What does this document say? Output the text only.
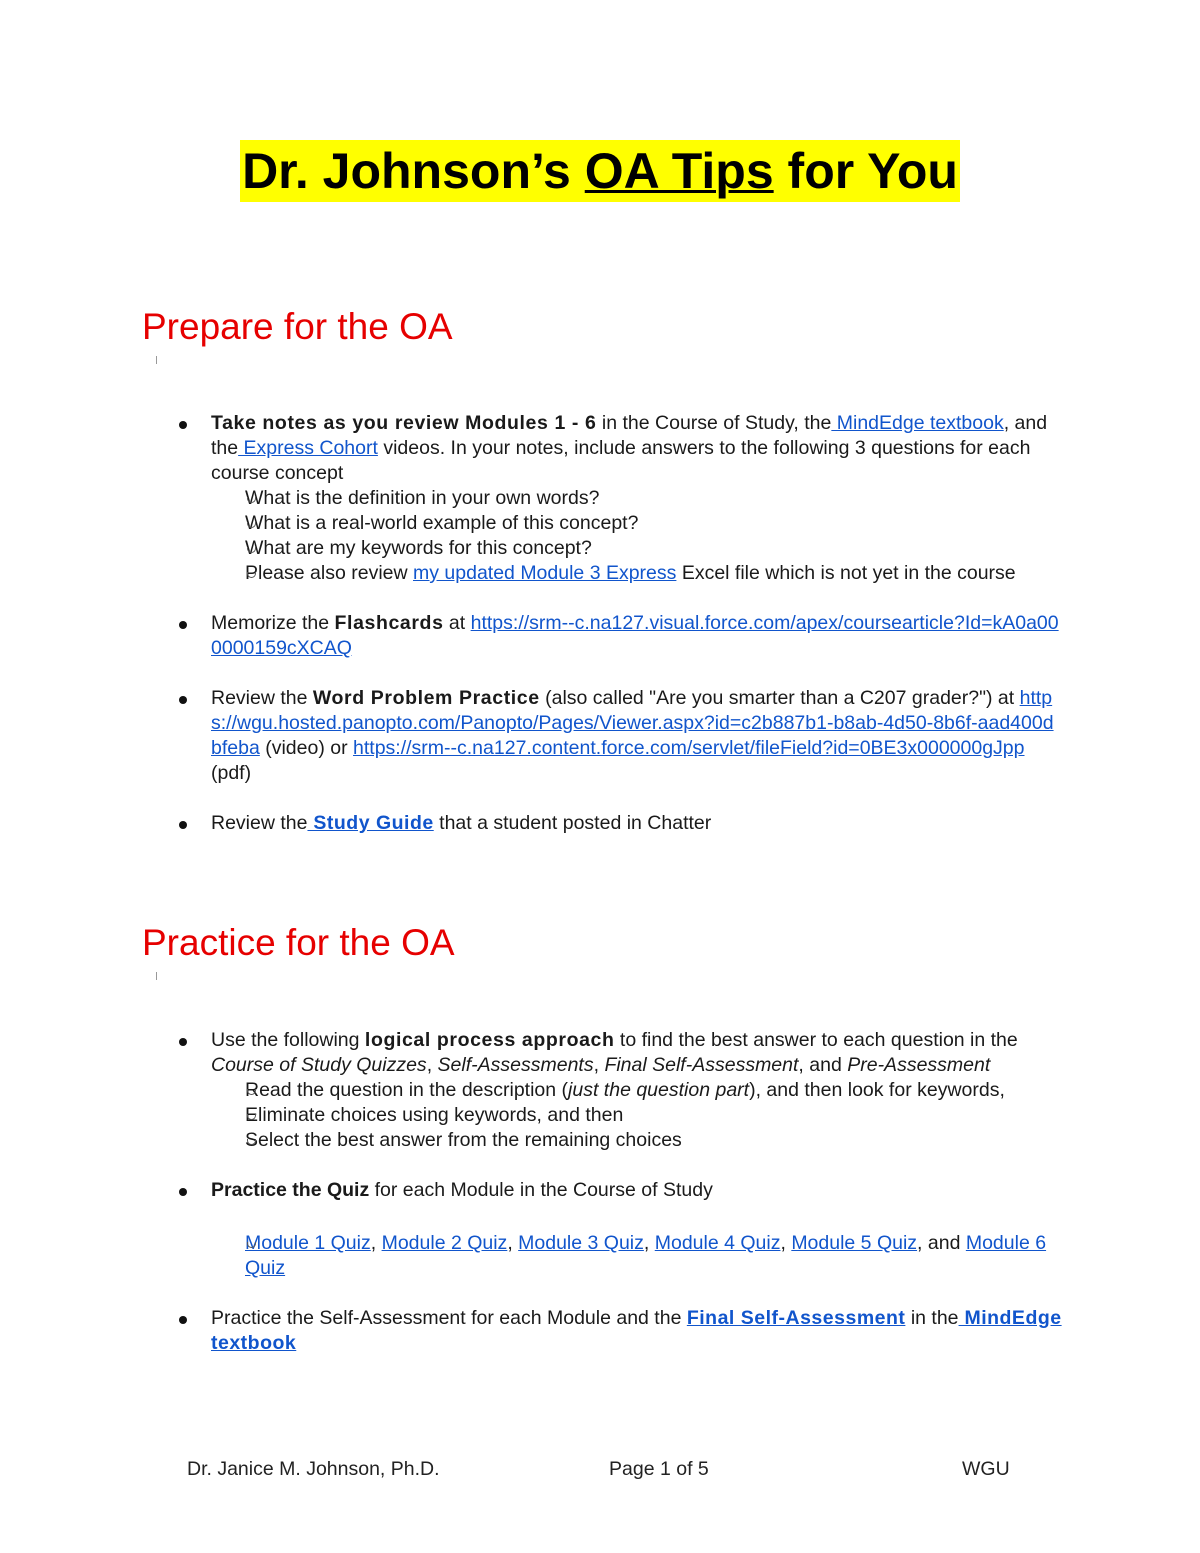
Dr. Johnson’s OA Tips for You
Prepare for the OA
Take notes as you review Modules 1 - 6 in the Course of Study, the MindEdge textbook, and the Express Cohort videos. In your notes, include answers to the following 3 questions for each course concept
What is the definition in your own words?
What is a real-world example of this concept?
What are my keywords for this concept?
Please also review my updated Module 3 Express Excel file which is not yet in the course
Memorize the Flashcards at https://srm--c.na127.visual.force.com/apex/coursearticle?Id=kA0a000000159cXCAQ
Review the Word Problem Practice (also called "Are you smarter than a C207 grader?") at https://wgu.hosted.panopto.com/Panopto/Pages/Viewer.aspx?id=c2b887b1-b8ab-4d50-8b6f-aad400dbfeba (video) or https://srm--c.na127.content.force.com/servlet/fileField?id=0BE3x000000gJpp (pdf)
Review the Study Guide that a student posted in Chatter
Practice for the OA
Use the following logical process approach to find the best answer to each question in the Course of Study Quizzes, Self-Assessments, Final Self-Assessment, and Pre-Assessment
Read the question in the description (just the question part), and then look for keywords,
Eliminate choices using keywords, and then
Select the best answer from the remaining choices
Practice the Quiz for each Module in the Course of Study
Module 1 Quiz, Module 2 Quiz, Module 3 Quiz, Module 4 Quiz, Module 5 Quiz, and Module 6 Quiz
Practice the Self-Assessment for each Module and the Final Self-Assessment in the MindEdge textbook
Dr. Janice M. Johnson, Ph.D.	Page 1 of 5	WGU
